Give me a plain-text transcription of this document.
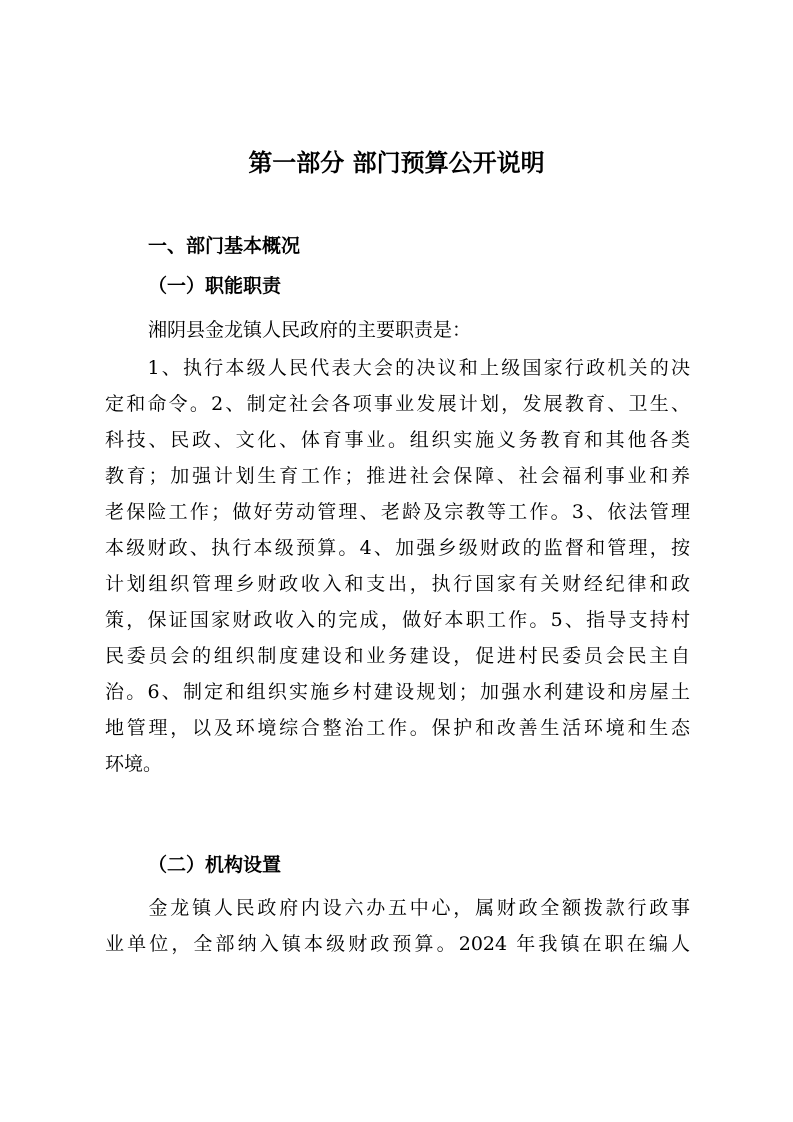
第一部分 部门预算公开说明
一、部门基本概况
（一）职能职责
湘阴县金龙镇人民政府的主要职责是：
　　1、执行本级人民代表大会的决议和上级国家行政机关的决
定和命令。2、制定社会各项事业发展计划，发展教育、卫生、
科技、民政、文化、体育事业。组织实施义务教育和其他各类
教育；加强计划生育工作；推进社会保障、社会福利事业和养
老保险工作；做好劳动管理、老龄及宗教等工作。3、依法管理
本级财政、执行本级预算。4、加强乡级财政的监督和管理，按
计划组织管理乡财政收入和支出，执行国家有关财经纪律和政
策，保证国家财政收入的完成，做好本职工作。5、指导支持村
民委员会的组织制度建设和业务建设，促进村民委员会民主自
治。6、制定和组织实施乡村建设规划；加强水利建设和房屋土
地管理，以及环境综合整治工作。保护和改善生活环境和生态
环境。
（二）机构设置
　　金龙镇人民政府内设六办五中心，属财政全额拨款行政事
业单位，全部纳入镇本级财政预算。2024 年我镇在职在编人
